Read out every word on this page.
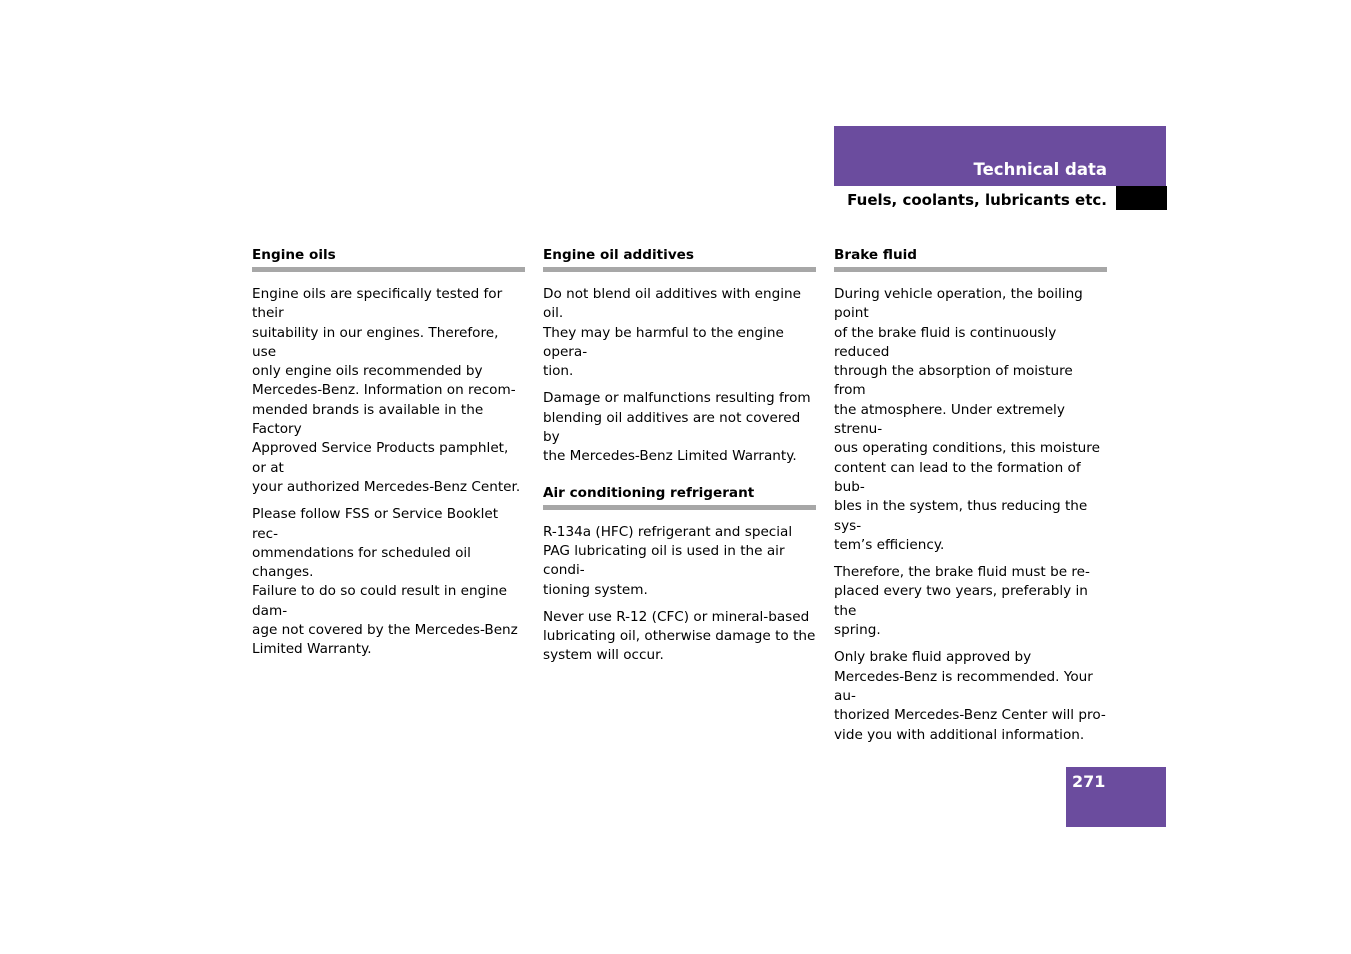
Technical data
Fuels, coolants, lubricants etc.
Engine oils

Engine oils are specifically tested for their
suitability in our engines. Therefore, use
only engine oils recommended by
Mercedes-Benz. Information on recom-
mended brands is available in the Factory
Approved Service Products pamphlet, or at
your authorized Mercedes-Benz Center.

Please follow FSS or Service Booklet rec-
ommendations for scheduled oil changes.
Failure to do so could result in engine dam-
age not covered by the Mercedes-Benz
Limited Warranty.

Engine oil additives

Do not blend oil additives with engine oil.
They may be harmful to the engine opera-
tion.

Damage or malfunctions resulting from
blending oil additives are not covered by
the Mercedes-Benz Limited Warranty.

Air conditioning refrigerant

R-134a (HFC) refrigerant and special
PAG lubricating oil is used in the air condi-
tioning system.

Never use R-12 (CFC) or mineral-based
lubricating oil, otherwise damage to the
system will occur.

Brake fluid

During vehicle operation, the boiling point
of the brake fluid is continuously reduced
through the absorption of moisture from
the atmosphere. Under extremely strenu-
ous operating conditions, this moisture
content can lead to the formation of bub-
bles in the system, thus reducing the sys-
tem’s efficiency.

Therefore, the brake fluid must be re-
placed every two years, preferably in the
spring.

Only brake fluid approved by
Mercedes-Benz is recommended. Your au-
thorized Mercedes-Benz Center will pro-
vide you with additional information.

271
